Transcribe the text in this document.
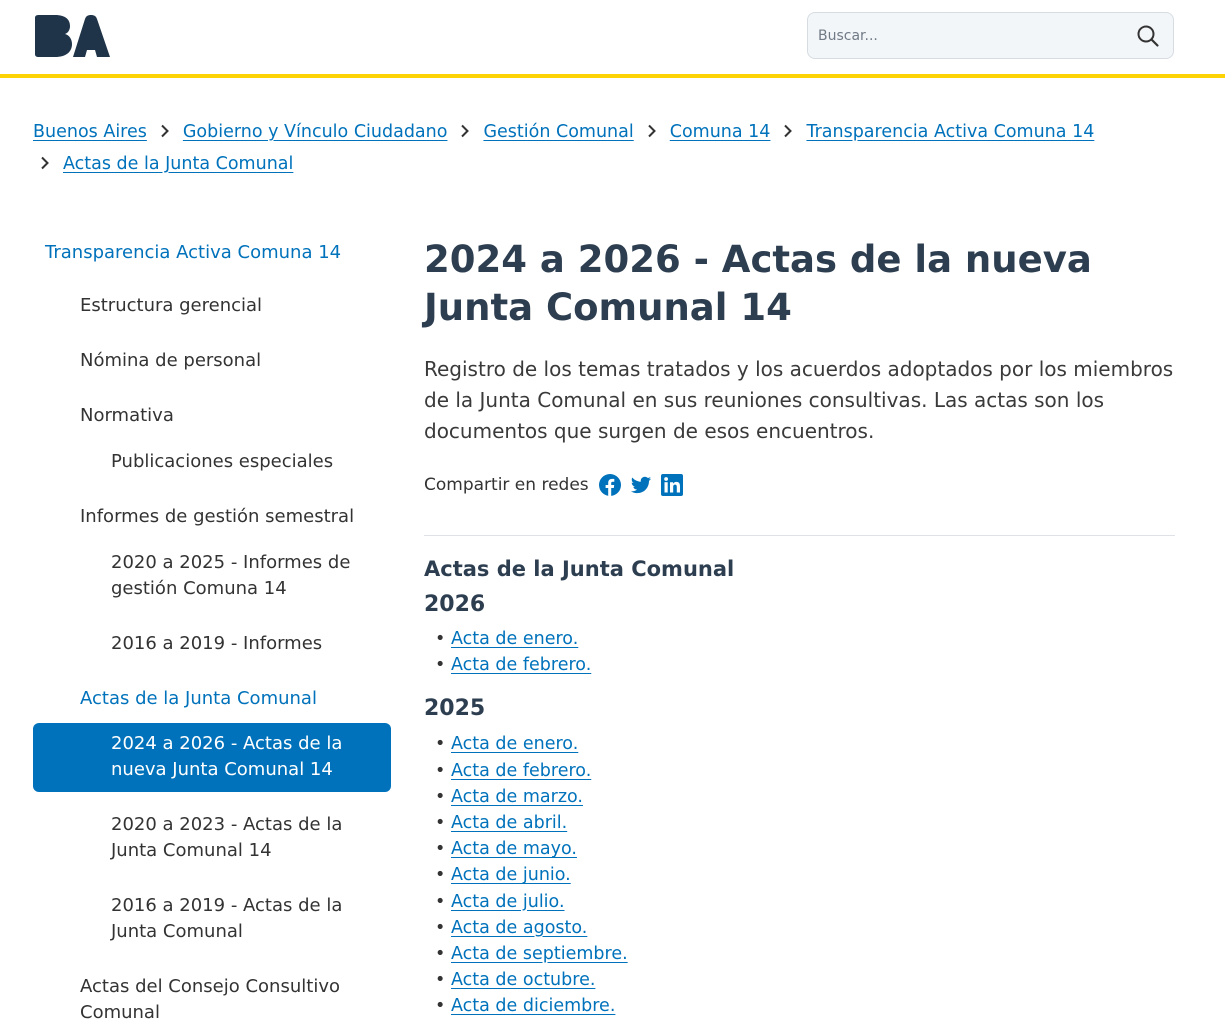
Buscar...
Buenos Aires Gobierno y Vínculo Ciudadano Gestión Comunal Comuna 14 Transparencia Activa Comuna 14
Actas de la Junta Comunal
Transparencia Activa Comuna 14
Estructura gerencial
Nómina de personal
Normativa
Publicaciones especiales
Informes de gestión semestral
2020 a 2025 - Informes de gestión Comuna 14
2016 a 2019 - Informes
Actas de la Junta Comunal
2024 a 2026 - Actas de la nueva Junta Comunal 14
2020 a 2023 - Actas de la Junta Comunal 14
2016 a 2019 - Actas de la Junta Comunal
Actas del Consejo Consultivo Comunal
2024 a 2026 - Actas de la nueva Junta Comunal 14

Registro de los temas tratados y los acuerdos adoptados por los miembros de la Junta Comunal en sus reuniones consultivas. Las actas son los documentos que surgen de esos encuentros.

Compartir en redes
Actas de la Junta Comunal
2026
• Acta de enero.
• Acta de febrero.
2025
• Acta de enero.
• Acta de febrero.
• Acta de marzo.
• Acta de abril.
• Acta de mayo.
• Acta de junio.
• Acta de julio.
• Acta de agosto.
• Acta de septiembre.
• Acta de octubre.
• Acta de diciembre.
